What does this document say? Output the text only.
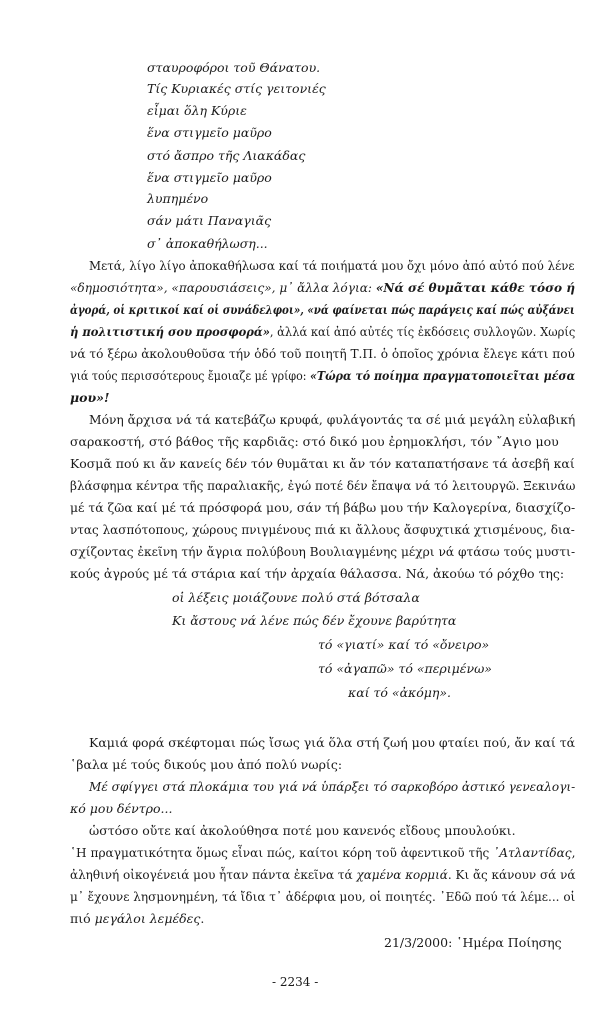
σταυροφόροι τοῦ Θάνατου.
Τίς Κυριακές στίς γειτονιές
εἶμαι ὅλη Κύριε
ἕνα στιγμεῖο μαῦρο
στό ἄσπρο τῆς Λιακάδας
ἕνα στιγμεῖο μαῦρο
λυπημένο
σάν μάτι Παναγιᾶς
σ᾽ ἀποκαθήλωση...
Μετά, λίγο λίγο ἀποκαθήλωσα καί τά ποιήματά μου ὄχι μόνο ἀπό αὐτό πού λένε
«δημοσιότητα», «παρουσιάσεις», μ᾽ ἄλλα λόγια: «Νά σέ θυμᾶται κάθε τόσο ή
ἀγορά, οἱ κριτικοί καί οἱ συνάδελφοι», «νά φαίνεται πώς παράγεις καί πώς αὐξάνει
ἡ πολιτιστική σου προσφορά», ἀλλά καί ἀπό αὐτές τίς ἐκδόσεις συλλογῶν. Χωρίς
νά τό ξέρω ἀκολουθοῦσα τήν ὁδό τοῦ ποιητῆ Τ.Π. ὁ ὁποῖος χρόνια ἔλεγε κάτι πού
γιά τούς περισσότερους ἔμοιαζε μέ γρίφο: «Τώρα τό ποίημα πραγματοποιεῖται μέσα
μου»!
Μόνη ἄρχισα νά τά κατεβάζω κρυφά, φυλάγοντάς τα σέ μιά μεγάλη εὐλαβική
σαρακοστή, στό βάθος τῆς καρδιᾶς: στό δικό μου ἐρημοκλήσι, τόν ῎Αγιο μου
Κοσμᾶ πού κι ἄν κανείς δέν τόν θυμᾶται κι ἄν τόν καταπατήσανε τά ἀσεβῆ καί
βλάσφημα κέντρα τῆς παραλιακῆς, ἐγώ ποτέ δέν ἔπαψα νά τό λειτουργῶ. Ξεκινάω
μέ τά ζῶα καί μέ τά πρόσφορά μου, σάν τή βάβω μου τήν Καλογερίνα, διασχίζο-
ντας λασπότοπους, χώρους πνιγμένους πιά κι ἄλλους ἄσφυχτικά χτισμένους, δια-
σχίζοντας ἐκεῖνη τήν ἄγρια πολύβουη Βουλιαγμένης μέχρι νά φτάσω τούς μυστι-
κούς ἀγρούς μέ τά στάρια καί τήν ἀρχαία θάλασσα. Νά, ἀκούω τό ρόχθο της:
οἱ λέξεις μοιάζουνε πολύ στά βότσαλα
Κι ἄστους νά λένε πώς δέν ἔχουνε βαρύτητα
τό «γιατί» καί τό «ὄνειρο»
τό «ἀγαπῶ» τό «περιμένω»
καί τό «ἀκόμη».
Καμιά φορά σκέφτομαι πώς ἴσως γιά ὅλα στή ζωή μου φταίει πού, ἄν καί τά
῾βαλα μέ τούς δικούς μου ἀπό πολύ νωρίς:
Μέ σφίγγει στά πλοκάμια του γιά νά ὑπάρξει τό σαρκοβόρο ἀστικό γενεαλογι-
κό μου δέντρο...
ὡστόσο οὔτε καί ἀκολούθησα ποτέ μου κανενός εἴδους μπουλούκι.
῾Η πραγματικότητα ὅμως εἶναι πώς, καίτοι κόρη τοῦ ἀφεντικοῦ τῆς ᾽Ατλαντίδας,
ἀληθινή οἰκογένειά μου ἦταν πάντα ἐκεῖνα τά χαμένα κορμιά. Κι ἄς κάνουν σά νά
μ᾽ ἔχουνε λησμονημένη, τά ἴδια τ᾽ ἀδέρφια μου, οἱ ποιητές. ᾽Εδῶ πού τά λέμε... οἱ
πιό μεγάλοι λεμέδες.
21/3/2000: ῾Ημέρα Ποίησης
- 2234 -
